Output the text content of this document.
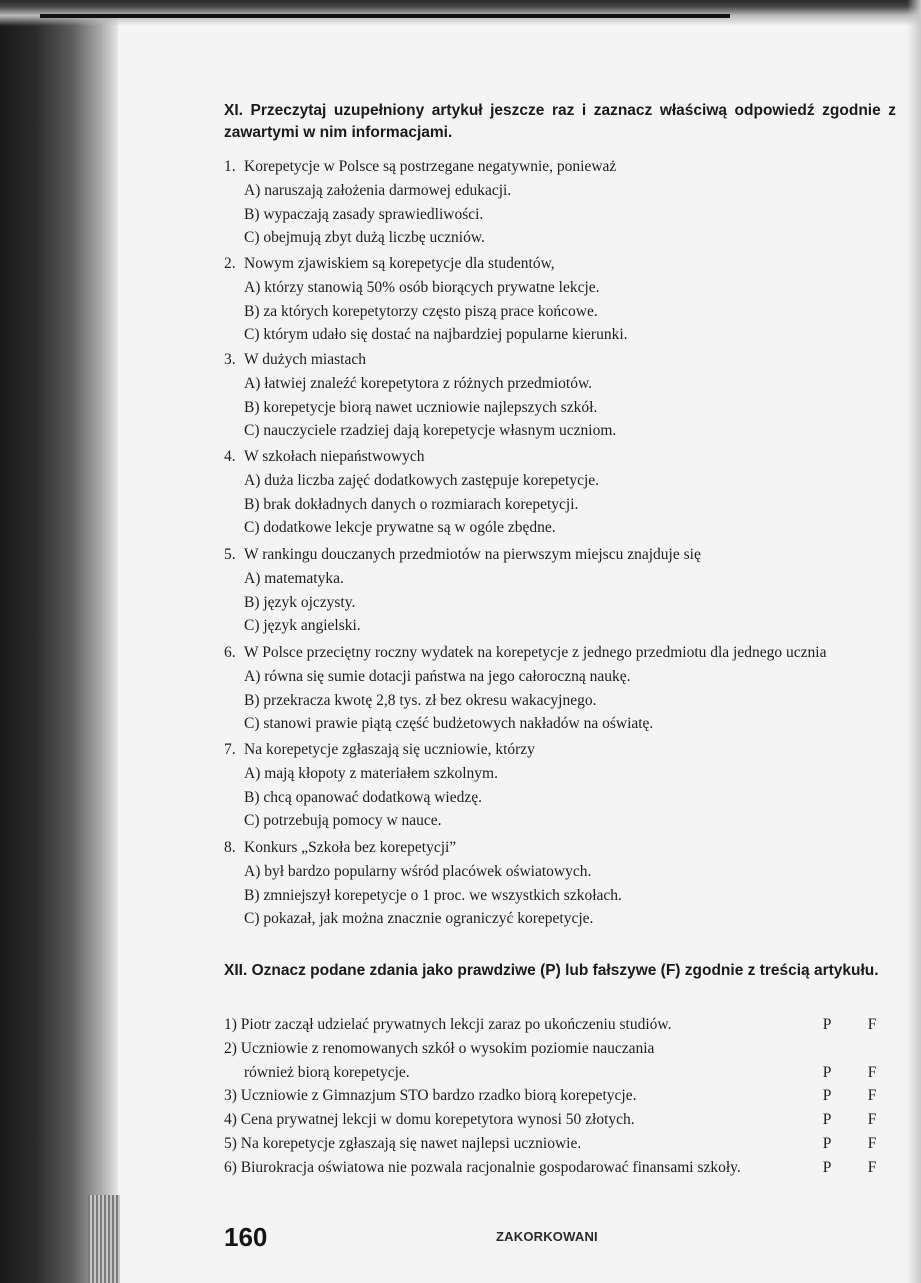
XI. Przeczytaj uzupełniony artykuł jeszcze raz i zaznacz właściwą odpowiedź zgodnie z zawartymi w nim informacjami.
1. Korepetycje w Polsce są postrzegane negatywnie, ponieważ
A) naruszają założenia darmowej edukacji.
B) wypaczają zasady sprawiedliwości.
C) obejmują zbyt dużą liczbę uczniów.
2. Nowym zjawiskiem są korepetycje dla studentów,
A) którzy stanowią 50% osób biorących prywatne lekcje.
B) za których korepetytorzy często piszą prace końcowe.
C) którym udało się dostać na najbardziej popularne kierunki.
3. W dużych miastach
A) łatwiej znaleźć korepetytora z różnych przedmiotów.
B) korepetycje biorą nawet uczniowie najlepszych szkół.
C) nauczyciele rzadziej dają korepetycje własnym uczniom.
4. W szkołach niepaństwowych
A) duża liczba zajęć dodatkowych zastępuje korepetycje.
B) brak dokładnych danych o rozmiarach korepetycji.
C) dodatkowe lekcje prywatne są w ogóle zbędne.
5. W rankingu douczanych przedmiotów na pierwszym miejscu znajduje się
A) matematyka.
B) język ojczysty.
C) język angielski.
6. W Polsce przeciętny roczny wydatek na korepetycje z jednego przedmiotu dla jednego ucznia
A) równa się sumie dotacji państwa na jego całoroczną naukę.
B) przekracza kwotę 2,8 tys. zł bez okresu wakacyjnego.
C) stanowi prawie piątą część budżetowych nakładów na oświatę.
7. Na korepetycje zgłaszają się uczniowie, którzy
A) mają kłopoty z materiałem szkolnym.
B) chcą opanować dodatkową wiedzę.
C) potrzebują pomocy w nauce.
8. Konkurs „Szkoła bez korepetycji”
A) był bardzo popularny wśród placówek oświatowych.
B) zmniejszył korepetycje o 1 proc. we wszystkich szkołach.
C) pokazał, jak można znacznie ograniczyć korepetycje.
XII. Oznacz podane zdania jako prawdziwe (P) lub fałszywe (F) zgodnie z treścią artykułu.
1) Piotr zaczął udzielać prywatnych lekcji zaraz po ukończeniu studiów.	P F
2) Uczniowie z renomowanych szkół o wysokim poziomie nauczania
również biorą korepetycje.	P F
3) Uczniowie z Gimnazjum STO bardzo rzadko biorą korepetycje.	P F
4) Cena prywatnej lekcji w domu korepetytora wynosi 50 złotych.	P F
5) Na korepetycje zgłaszają się nawet najlepsi uczniowie.	P F
6) Biurokracja oświatowa nie pozwala racjonalnie gospodarować finansami szkoły.	P F
160	ZAKORKOWANI
